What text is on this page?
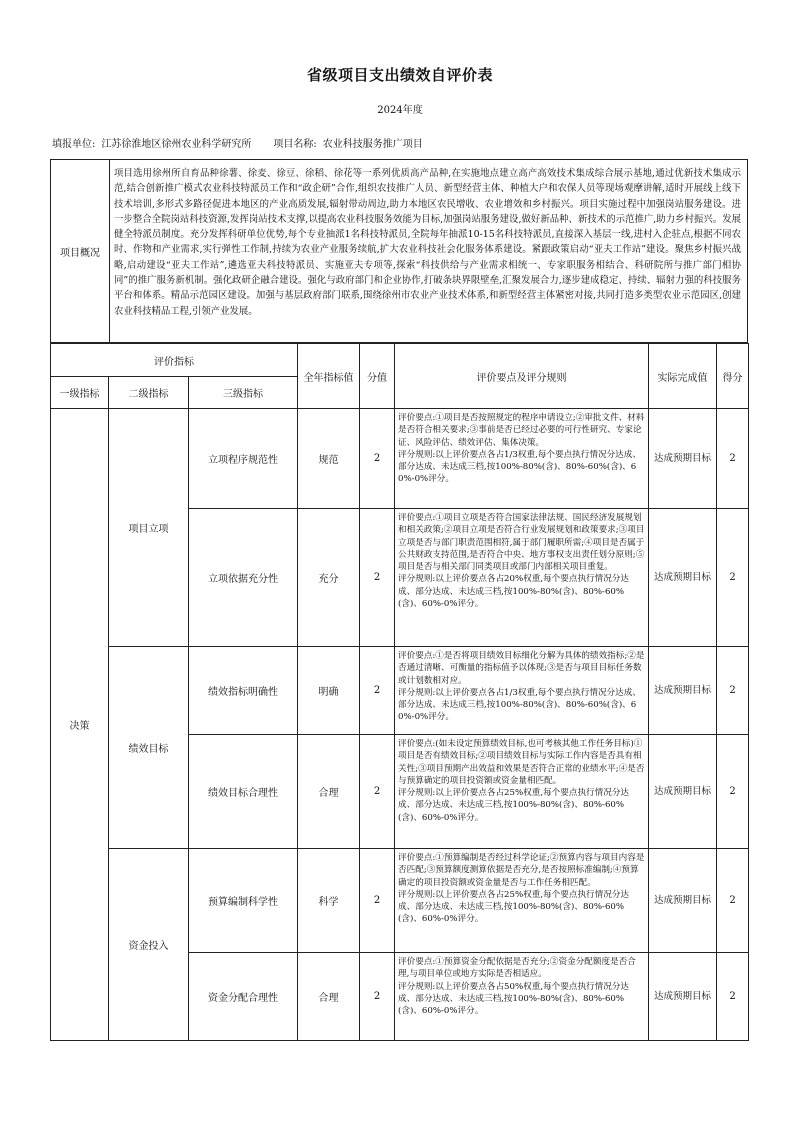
省级项目支出绩效自评价表
2024年度
填报单位: 江苏徐淮地区徐州农业科学研究所 项目名称: 农业科技服务推广项目
项目概况
项目选用徐州所自育品种徐薯、徐麦、徐豆、徐稻、徐花等一系列优质高产品种,在实施地点建立高产高效技术集成综合展示基地,通过优新技术集成示范,结合创新推广模式农业科技特派员工作和“政企研”合作,组织农技推广人员、新型经营主体、种植大户和农保人员等现场观摩讲解,适时开展线上线下技术培训,多形式多路径促进本地区的产业高质发展,辐射带动周边,助力本地区农民增收、农业增效和乡村振兴。项目实施过程中加强岗站服务建设。进一步整合全院岗站科技资源,发挥岗站技术支撑,以提高农业科技服务效能为目标,加强岗站服务建设,做好新品种、新技术的示范推广,助力乡村振兴。发展健全特派员制度。充分发挥科研单位优势,每个专业抽派1名科技特派员,全院每年抽派10-15名科技特派员,直接深入基层一线,进村入企驻点,根据不同农时、作物和产业需求,实行弹性工作制,持续为农业产业服务续航,扩大农业科技社会化服务体系建设。紧跟政策启动“亚夫工作站”建设。聚焦乡村振兴战略,启动建设“亚夫工作站”,遴选亚夫科技特派员、实施亚夫专项等,探索“科技供给与产业需求相统一、专家职服务相结合、科研院所与推广部门相协同”的推广服务新机制。强化政研企融合建设。强化与政府部门和企业协作,打破条块界限壁垒,汇聚发展合力,逐步建成稳定、持续、辐射力强的科技服务平台和体系。精品示范园区建设。加强与基层政府部门联系,围绕徐州市农业产业技术体系,和新型经营主体紧密对接,共同打造多类型农业示范园区,创建农业科技精品工程,引领产业发展。
评价指标			全年指标值	分值	评价要点及评分规则	实际完成值	得分
一级指标	二级指标	三级指标					
决策	项目立项	立项程序规范性	规范	2	评价要点:①项目是否按照规定的程序申请设立;②审批文件、材料是否符合相关要求;③事前是否已经过必要的可行性研究、专家论证、风险评估、绩效评估、集体决策。
评分规则:以上评价要点各占1/3权重,每个要点执行情况分达成、部分达成、未达成三档,按100%-80%(含)、80%-60%(含)、60%-0%评分。	达成预期目标	2
		立项依据充分性	充分	2	评价要点:①项目立项是否符合国家法律法规、国民经济发展规划和相关政策;②项目立项是否符合行业发展规划和政策要求;③项目立项是否与部门职责范围相符,属于部门履职所需;④项目是否属于公共财政支持范围,是否符合中央、地方事权支出责任划分原则;⑤项目是否与相关部门同类项目或部门内部相关项目重复。
评分规则:以上评价要点各占20%权重,每个要点执行情况分达成、部分达成、未达成三档,按100%-80%(含)、80%-60%(含)、60%-0%评分。	达成预期目标	2
	绩效目标	绩效指标明确性	明确	2	评价要点:①是否将项目绩效目标细化分解为具体的绩效指标;②是否通过清晰、可衡量的指标值予以体现;③是否与项目目标任务数或计划数相对应。
评分规则:以上评价要点各占1/3权重,每个要点执行情况分达成、部分达成、未达成三档,按100%-80%(含)、80%-60%(含)、60%-0%评分。	达成预期目标	2
		绩效目标合理性	合理	2	评价要点:(如未设定预算绩效目标,也可考核其他工作任务目标)①项目是否有绩效目标;②项目绩效目标与实际工作内容是否具有相关性;③项目预期产出效益和效果是否符合正常的业绩水平;④是否与预算确定的项目投资额或资金量相匹配。
评分规则:以上评价要点各占25%权重,每个要点执行情况分达成、部分达成、未达成三档,按100%-80%(含)、80%-60%(含)、60%-0%评分。	达成预期目标	2
	资金投入	预算编制科学性	科学	2	评价要点:①预算编制是否经过科学论证;②预算内容与项目内容是否匹配;③预算额度测算依据是否充分,是否按照标准编制;④预算确定的项目投资额或资金量是否与工作任务相匹配。
评分规则:以上评价要点各占25%权重,每个要点执行情况分达成、部分达成、未达成三档,按100%-80%(含)、80%-60%(含)、60%-0%评分。	达成预期目标	2
		资金分配合理性	合理	2	评价要点:①预算资金分配依据是否充分;②资金分配额度是否合理,与项目单位或地方实际是否相适应。
评分规则:以上评价要点各占50%权重,每个要点执行情况分达成、部分达成、未达成三档,按100%-80%(含)、80%-60%(含)、60%-0%评分。	达成预期目标	2
